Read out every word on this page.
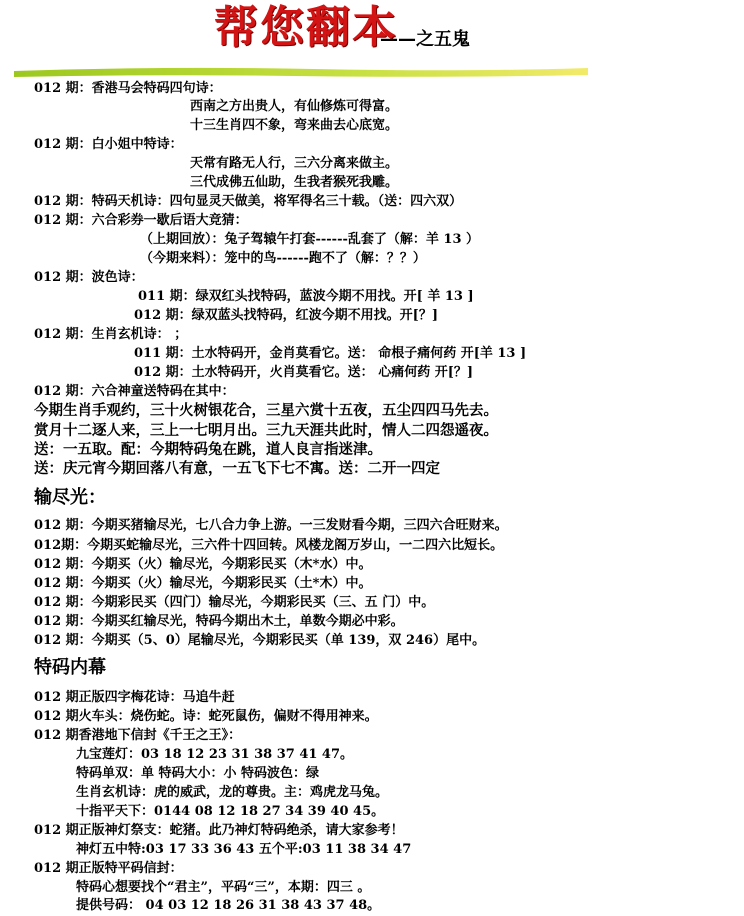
帮您翻本
——之五鬼
012 期：香港马会特码四句诗：
西南之方出贵人，有仙修炼可得富。
十三生肖四不象，弯来曲去心底宽。
012 期：白小姐中特诗：
天常有路无人行，三六分离来做主。
三代成佛五仙助，生我者猴死我雕。
012 期：特码天机诗：四句显灵天做美，将军得名三十载。（送：四六双）
012 期：六合彩券一歇后语大竞猜：
（上期回放）：兔子驾辕午打套------乱套了（解：羊 13 ）
（今期来料）：笼中的鸟------跑不了（解：？？）
012 期：波色诗：
011 期：绿双红头找特码，蓝波今期不用找。开[ 羊 13 ]
012 期：绿双蓝头找特码，红波今期不用找。开[？]
012 期：生肖玄机诗： ；
011 期：土水特码开，金肖莫看它。送： 命根子痛何药 开[羊 13 ]
012 期：土水特码开，火肖莫看它。送： 心痛何药 开[？]
012 期：六合神童送特码在其中：
今期生肖手观约，三十火树银花合，三星六赏十五夜，五尘四四马先去。
赏月十二逐人来，三上一七明月出。三九天涯共此时，情人二四怨遥夜。
送：一五取。配：今期特码兔在跳，道人良言指迷津。
送：庆元宵今期回落八有意，一五飞下七不寓。送：二开一四定
输尽光：
012 期：今期买猪输尽光，七八合力争上游。一三发财看今期，三四六合旺财来。
012期：今期买蛇输尽光，三六件十四回转。风楼龙阁万岁山，一二四六比短长。
012 期：今期买（火）输尽光，今期彩民买（木*水）中。
012 期：今期买（火）输尽光，今期彩民买（土*木）中。
012 期：今期彩民买（四门）输尽光，今期彩民买（三、五 门）中。
012 期：今期买红输尽光，特码今期出木土，单数今期必中彩。
012 期：今期买（5、0）尾输尽光，今期彩民买（单 139，双 246）尾中。
特码内幕
012 期正版四字梅花诗：马追牛赶
012 期火车头：烧伤蛇。诗：蛇死鼠伤，偏财不得用神来。
012 期香港地下信封《千王之王》：
九宝莲灯：03 18 12 23 31 38 37 41 47。
特码单双：单 特码大小：小 特码波色：绿
生肖玄机诗：虎的威武，龙的尊贵。主：鸡虎龙马兔。
十指平天下：0144 08 12 18 27 34 39 40 45。
012 期正版神灯祭支：蛇猪。此乃神灯特码绝杀，请大家参考！
神灯五中特:03 17 33 36 43 五个平:03 11 38 34 47
012 期正版特平码信封：
特码心想要找个“君主”，平码“三”，本期：四三 。
提供号码： 04 03 12 18 26 31 38 43 37 48。
